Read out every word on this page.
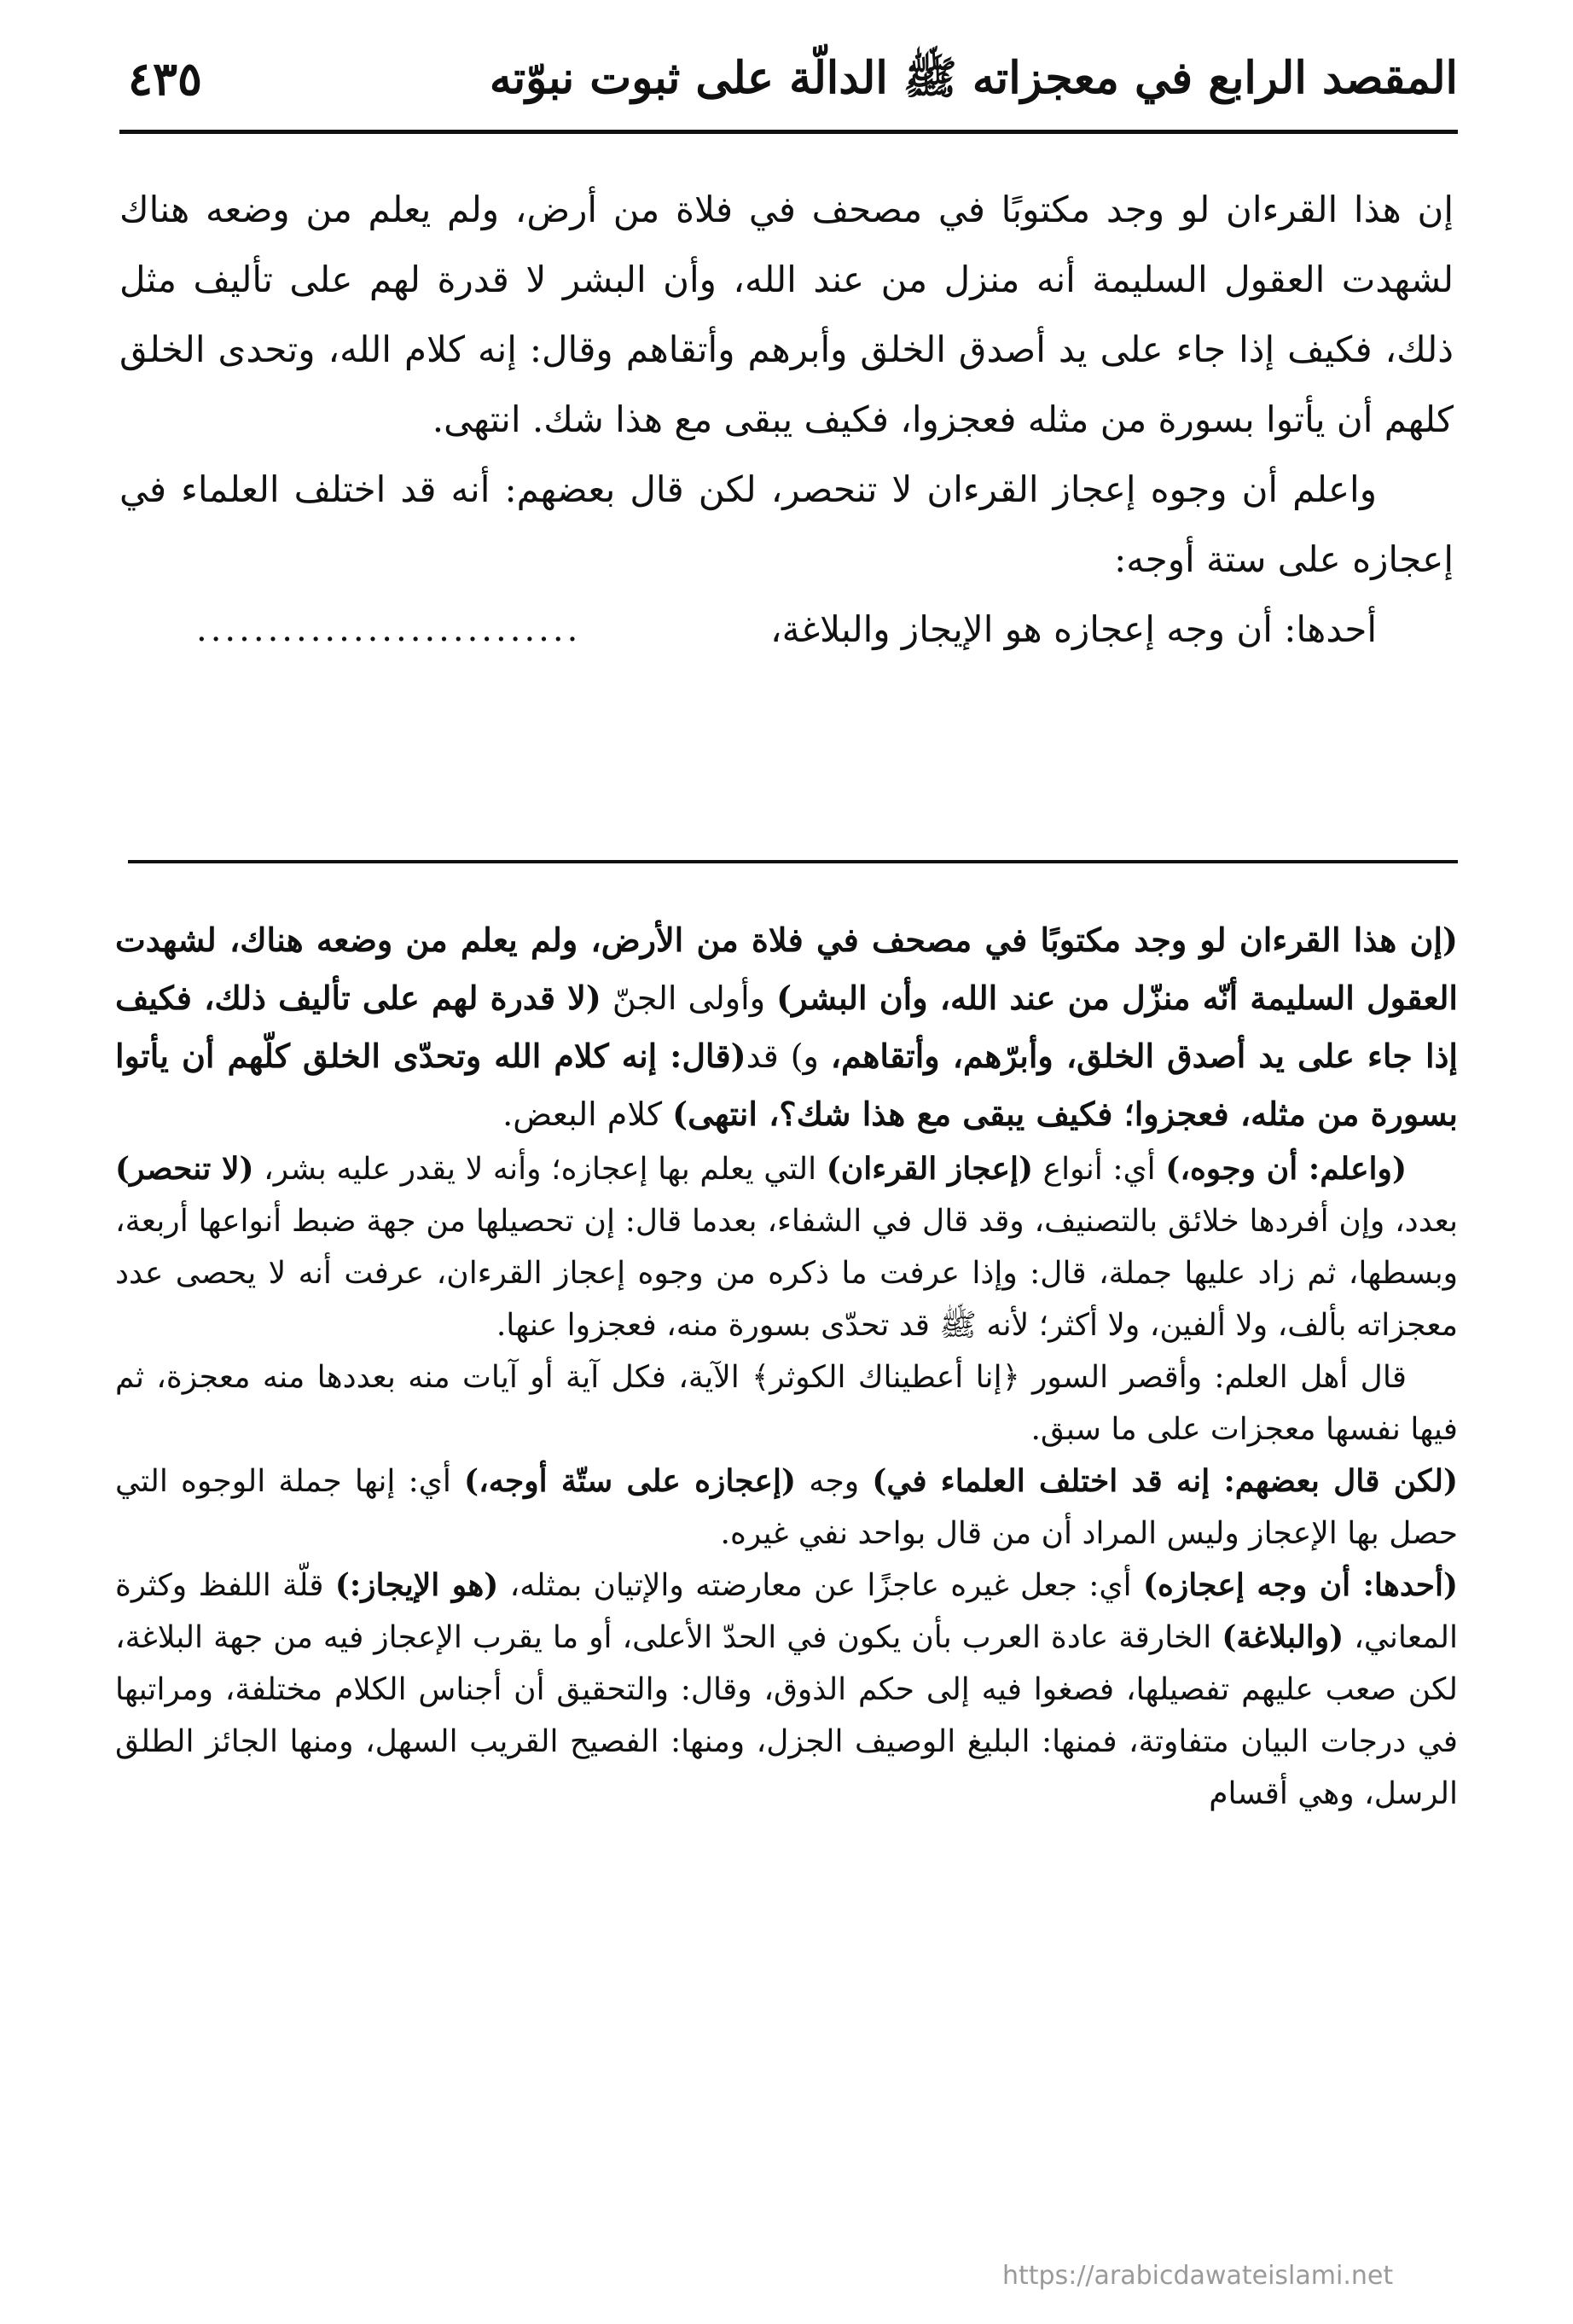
المقصد الرابع في معجزاته ﷺ الدالّة على ثبوت نبوّته
٤٣٥

إن هذا القرءان لو وجد مكتوبًا في مصحف في فلاة من أرض، ولم يعلم من وضعه هناك لشهدت العقول السليمة أنه منزل من عند الله، وأن البشر لا قدرة لهم على تأليف مثل ذلك، فكيف إذا جاء على يد أصدق الخلق وأبرهم وأتقاهم وقال: إنه كلام الله، وتحدى الخلق كلهم أن يأتوا بسورة من مثله فعجزوا، فكيف يبقى مع هذا شك. انتهى.

واعلم أن وجوه إعجاز القرءان لا تنحصر، لكن قال بعضهم: أنه قد اختلف العلماء في إعجازه على ستة أوجه:

أحدها: أن وجه إعجازه هو الإيجاز والبلاغة،
...........................

(إن هذا القرءان لو وجد مكتوبًا في مصحف في فلاة من الأرض، ولم يعلم من وضعه هناك، لشهدت العقول السليمة أنّه منزّل من عند الله، وأن البشر) وأولى الجنّ (لا قدرة لهم على تأليف ذلك، فكيف إذا جاء على يد أصدق الخلق، وأبرّهم، وأتقاهم، و) قد(قال: إنه كلام الله وتحدّى الخلق كلّهم أن يأتوا بسورة من مثله، فعجزوا؛ فكيف يبقى مع هذا شك؟، انتهى) كلام البعض.

(واعلم: أن وجوه،) أي: أنواع (إعجاز القرءان) التي يعلم بها إعجازه؛ وأنه لا يقدر عليه بشر، (لا تنحصر) بعدد، وإن أفردها خلائق بالتصنيف، وقد قال في الشفاء، بعدما قال: إن تحصيلها من جهة ضبط أنواعها أربعة، وبسطها، ثم زاد عليها جملة، قال: وإذا عرفت ما ذكره من وجوه إعجاز القرءان، عرفت أنه لا يحصى عدد معجزاته بألف، ولا ألفين، ولا أكثر؛ لأنه ﷺ قد تحدّى بسورة منه، فعجزوا عنها.

قال أهل العلم: وأقصر السور ﴿إنا أعطيناك الكوثر﴾ الآية، فكل آية أو آيات منه بعددها منه معجزة، ثم فيها نفسها معجزات على ما سبق.

(لكن قال بعضهم: إنه قد اختلف العلماء في) وجه (إعجازه على ستّة أوجه،) أي: إنها جملة الوجوه التي حصل بها الإعجاز وليس المراد أن من قال بواحد نفي غيره.

(أحدها: أن وجه إعجازه) أي: جعل غيره عاجزًا عن معارضته والإتيان بمثله، (هو الإيجاز:) قلّة اللفظ وكثرة المعاني، (والبلاغة) الخارقة عادة العرب بأن يكون في الحدّ الأعلى، أو ما يقرب الإعجاز فيه من جهة البلاغة، لكن صعب عليهم تفصيلها، فصغوا فيه إلى حكم الذوق، وقال: والتحقيق أن أجناس الكلام مختلفة، ومراتبها في درجات البيان متفاوتة، فمنها: البليغ الوصيف الجزل، ومنها: الفصيح القريب السهل، ومنها الجائز الطلق الرسل، وهي أقسام

https://arabicdawateislami.net
